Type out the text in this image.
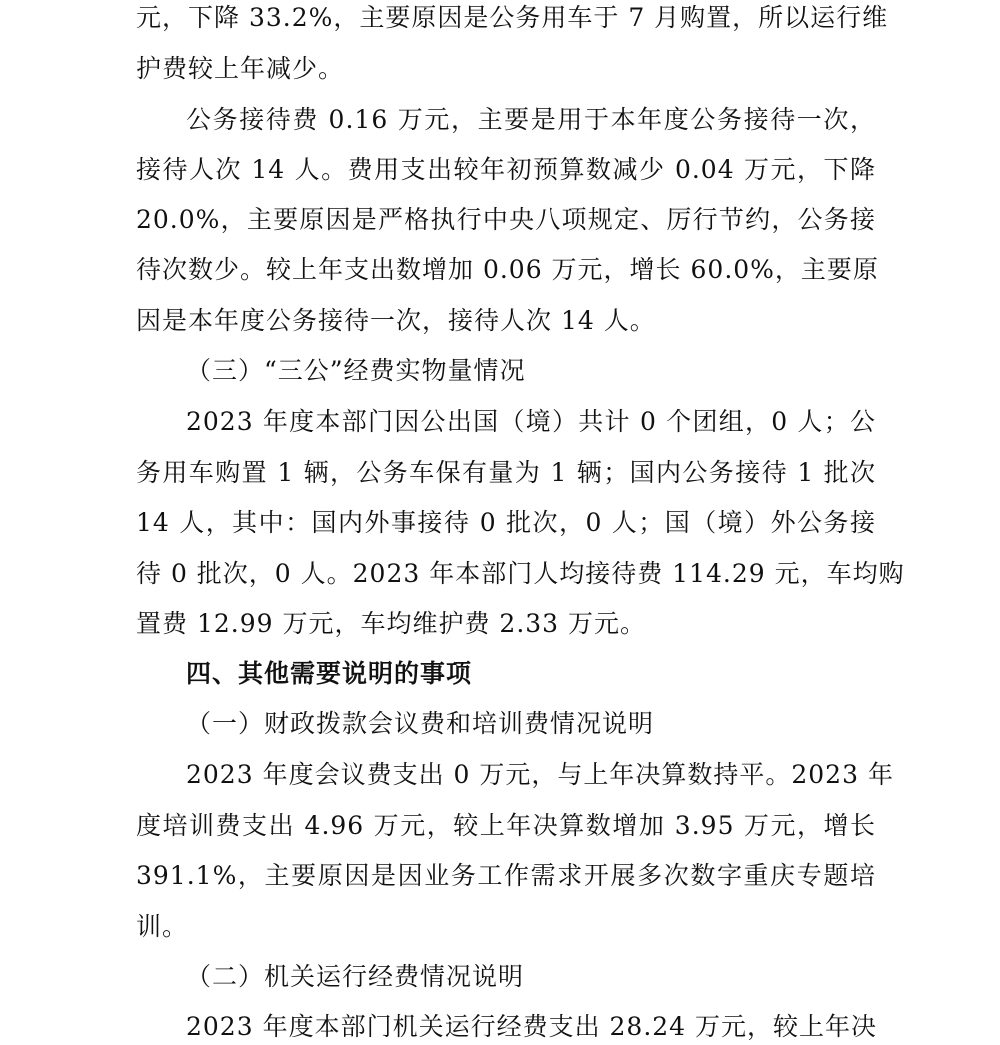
元，下降 33.2%，主要原因是公务用车于 7 月购置，所以运行维

护费较上年减少。

公务接待费 0.16 万元，主要是用于本年度公务接待一次，

接待人次 14 人。费用支出较年初预算数减少 0.04 万元，下降

20.0%，主要原因是严格执行中央八项规定、厉行节约，公务接

待次数少。较上年支出数增加 0.06 万元，增长 60.0%，主要原

因是本年度公务接待一次，接待人次 14 人。

（三）“三公”经费实物量情况

2023 年度本部门因公出国（境）共计 0 个团组，0 人；公

务用车购置 1 辆，公务车保有量为 1 辆；国内公务接待 1 批次

14 人，其中：国内外事接待 0 批次，0 人；国（境）外公务接

待 0 批次，0 人。2023 年本部门人均接待费 114.29 元，车均购

置费 12.99 万元，车均维护费 2.33 万元。

四、其他需要说明的事项

（一）财政拨款会议费和培训费情况说明

2023 年度会议费支出 0 万元，与上年决算数持平。2023 年

度培训费支出 4.96 万元，较上年决算数增加 3.95 万元，增长

391.1%，主要原因是因业务工作需求开展多次数字重庆专题培

训。

（二）机关运行经费情况说明

2023 年度本部门机关运行经费支出 28.24 万元，较上年决
